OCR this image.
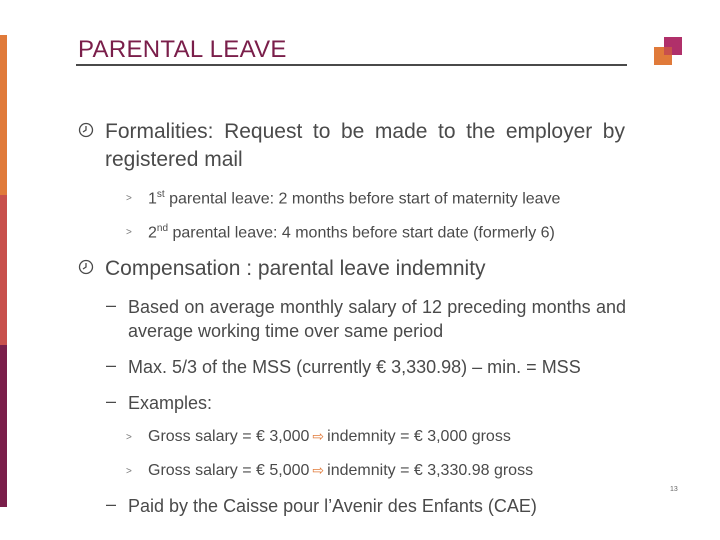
PARENTAL LEAVE
Formalities: Request to be made to the employer by registered mail
> 1st parental leave: 2 months before start of maternity leave
> 2nd parental leave: 4 months before start date (formerly 6)
Compensation : parental leave indemnity
– Based on average monthly salary of 12 preceding months and average working time over same period
– Max. 5/3 of the MSS (currently € 3,330.98) – min. = MSS
– Examples:
> Gross salary = € 3,000 ⇨ indemnity = € 3,000 gross
> Gross salary = € 5,000 ⇨ indemnity = € 3,330.98 gross
– Paid by the Caisse pour l’Avenir des Enfants (CAE)
13
